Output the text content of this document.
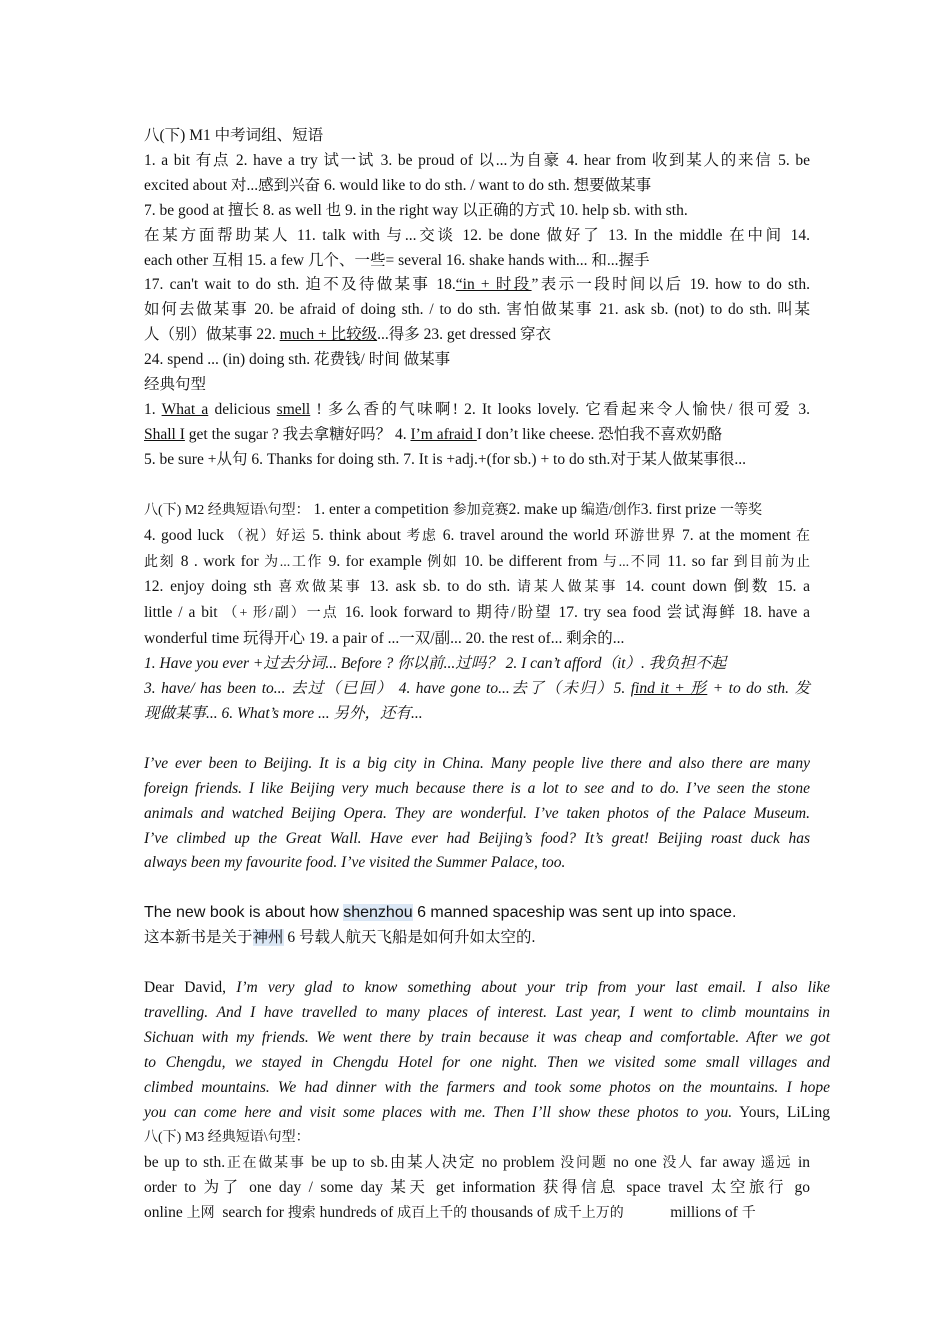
八(下) M1 中考词组、短语
1. a bit 有点 2. have a try 试一试 3. be proud of 以...为自豪 4. hear from 收到某人的来信 5. be
excited about 对...感到兴奋 6. would like to do sth. / want to do sth. 想要做某事
7. be good at 擅长 8. as well 也 9. in the right way 以正确的方式 10. help sb. with sth.
在某方面帮助某人 11. talk with 与...交谈 12. be done 做好了 13. In the middle 在中间 14.
each other 互相 15. a few 几个、一些= several 16. shake hands with... 和...握手
17. can't wait to do sth. 迫不及待做某事 18.“in + 时段”表示一段时间以后 19. how to do sth.
如何去做某事 20. be afraid of doing sth. / to do sth. 害怕做某事 21. ask sb. (not) to do sth. 叫某
人（别）做某事 22. much + 比较级...得多 23. get dressed 穿衣
24. spend ... (in) doing sth. 花费钱/ 时间 做某事
经典句型
1. What a delicious smell ! 多么香的气味啊! 2. It looks lovely. 它看起来令人愉快/ 很可爱 3.
Shall I get the sugar ? 我去拿糖好吗？ 4. I’m afraid I don’t like cheese. 恐怕我不喜欢奶酪
5. be sure +从句 6. Thanks for doing sth. 7. It is +adj.+(for sb.) + to do sth.对于某人做某事很...
八(下) M2 经典短语\句型： 1. enter a competition 参加竞赛2. make up 编造/创作3. first prize 一等奖
4. good luck （祝）好运 5. think about 考虑 6. travel around the world 环游世界 7. at the moment 在
此刻 8 . work for 为...工作 9. for example 例如 10. be different from 与...不同 11. so far 到目前为止
12. enjoy doing sth 喜欢做某事 13. ask sb. to do sth. 请某人做某事 14. count down 倒数 15. a
little / a bit （+ 形/副）一点 16. look forward to 期待/盼望 17. try sea food 尝试海鲜 18. have a
wonderful time 玩得开心 19. a pair of ...一双/副... 20. the rest of... 剩余的...
1. Have you ever +过去分词... Before ? 你以前...过吗？ 2. I can’t afford（it）. 我负担不起
3. have/ has been to... 去过（已回） 4. have gone to...去了（未归）5. find it + 形 + to do sth. 发
现做某事... 6. What’s more ... 另外，还有...
I’ve ever been to Beijing. It is a big city in China. Many people live there and also there are many
foreign friends. I like Beijing very much because there is a lot to see and to do. I’ve seen the stone
animals and watched Beijing Opera. They are wonderful. I’ve taken photos of the Palace Museum.
I’ve climbed up the Great Wall. Have ever had Beijing’s food? It’s great! Beijing roast duck has
always been my favourite food. I’ve visited the Summer Palace, too.
The new book is about how shenzhou 6 manned spaceship was sent up into space.
这本新书是关于神州 6 号载人航天飞船是如何升如太空的.
Dear David, I’m very glad to know something about your trip from your last email. I also like
travelling. And I have travelled to many places of interest. Last year, I went to climb mountains in
Sichuan with my friends. We went there by train because it was cheap and comfortable. After we got
to Chengdu, we stayed in Chengdu Hotel for one night. Then we visited some small villages and
climbed mountains. We had dinner with the farmers and took some photos on the mountains. I hope
you can come here and visit some places with me. Then I’ll show these photos to you. Yours, LiLing
八(下) M3 经典短语\句型：
be up to sth.正在做某事 be up to sb.由某人决定 no problem 没问题 no one 没人 far away 遥远 in
order to 为了 one day / some day 某天 get information 获得信息 space travel 太空旅行 go
online 上网  search for 搜索 hundreds of 成百上千的 thousands of 成千上万的            millions of 千
